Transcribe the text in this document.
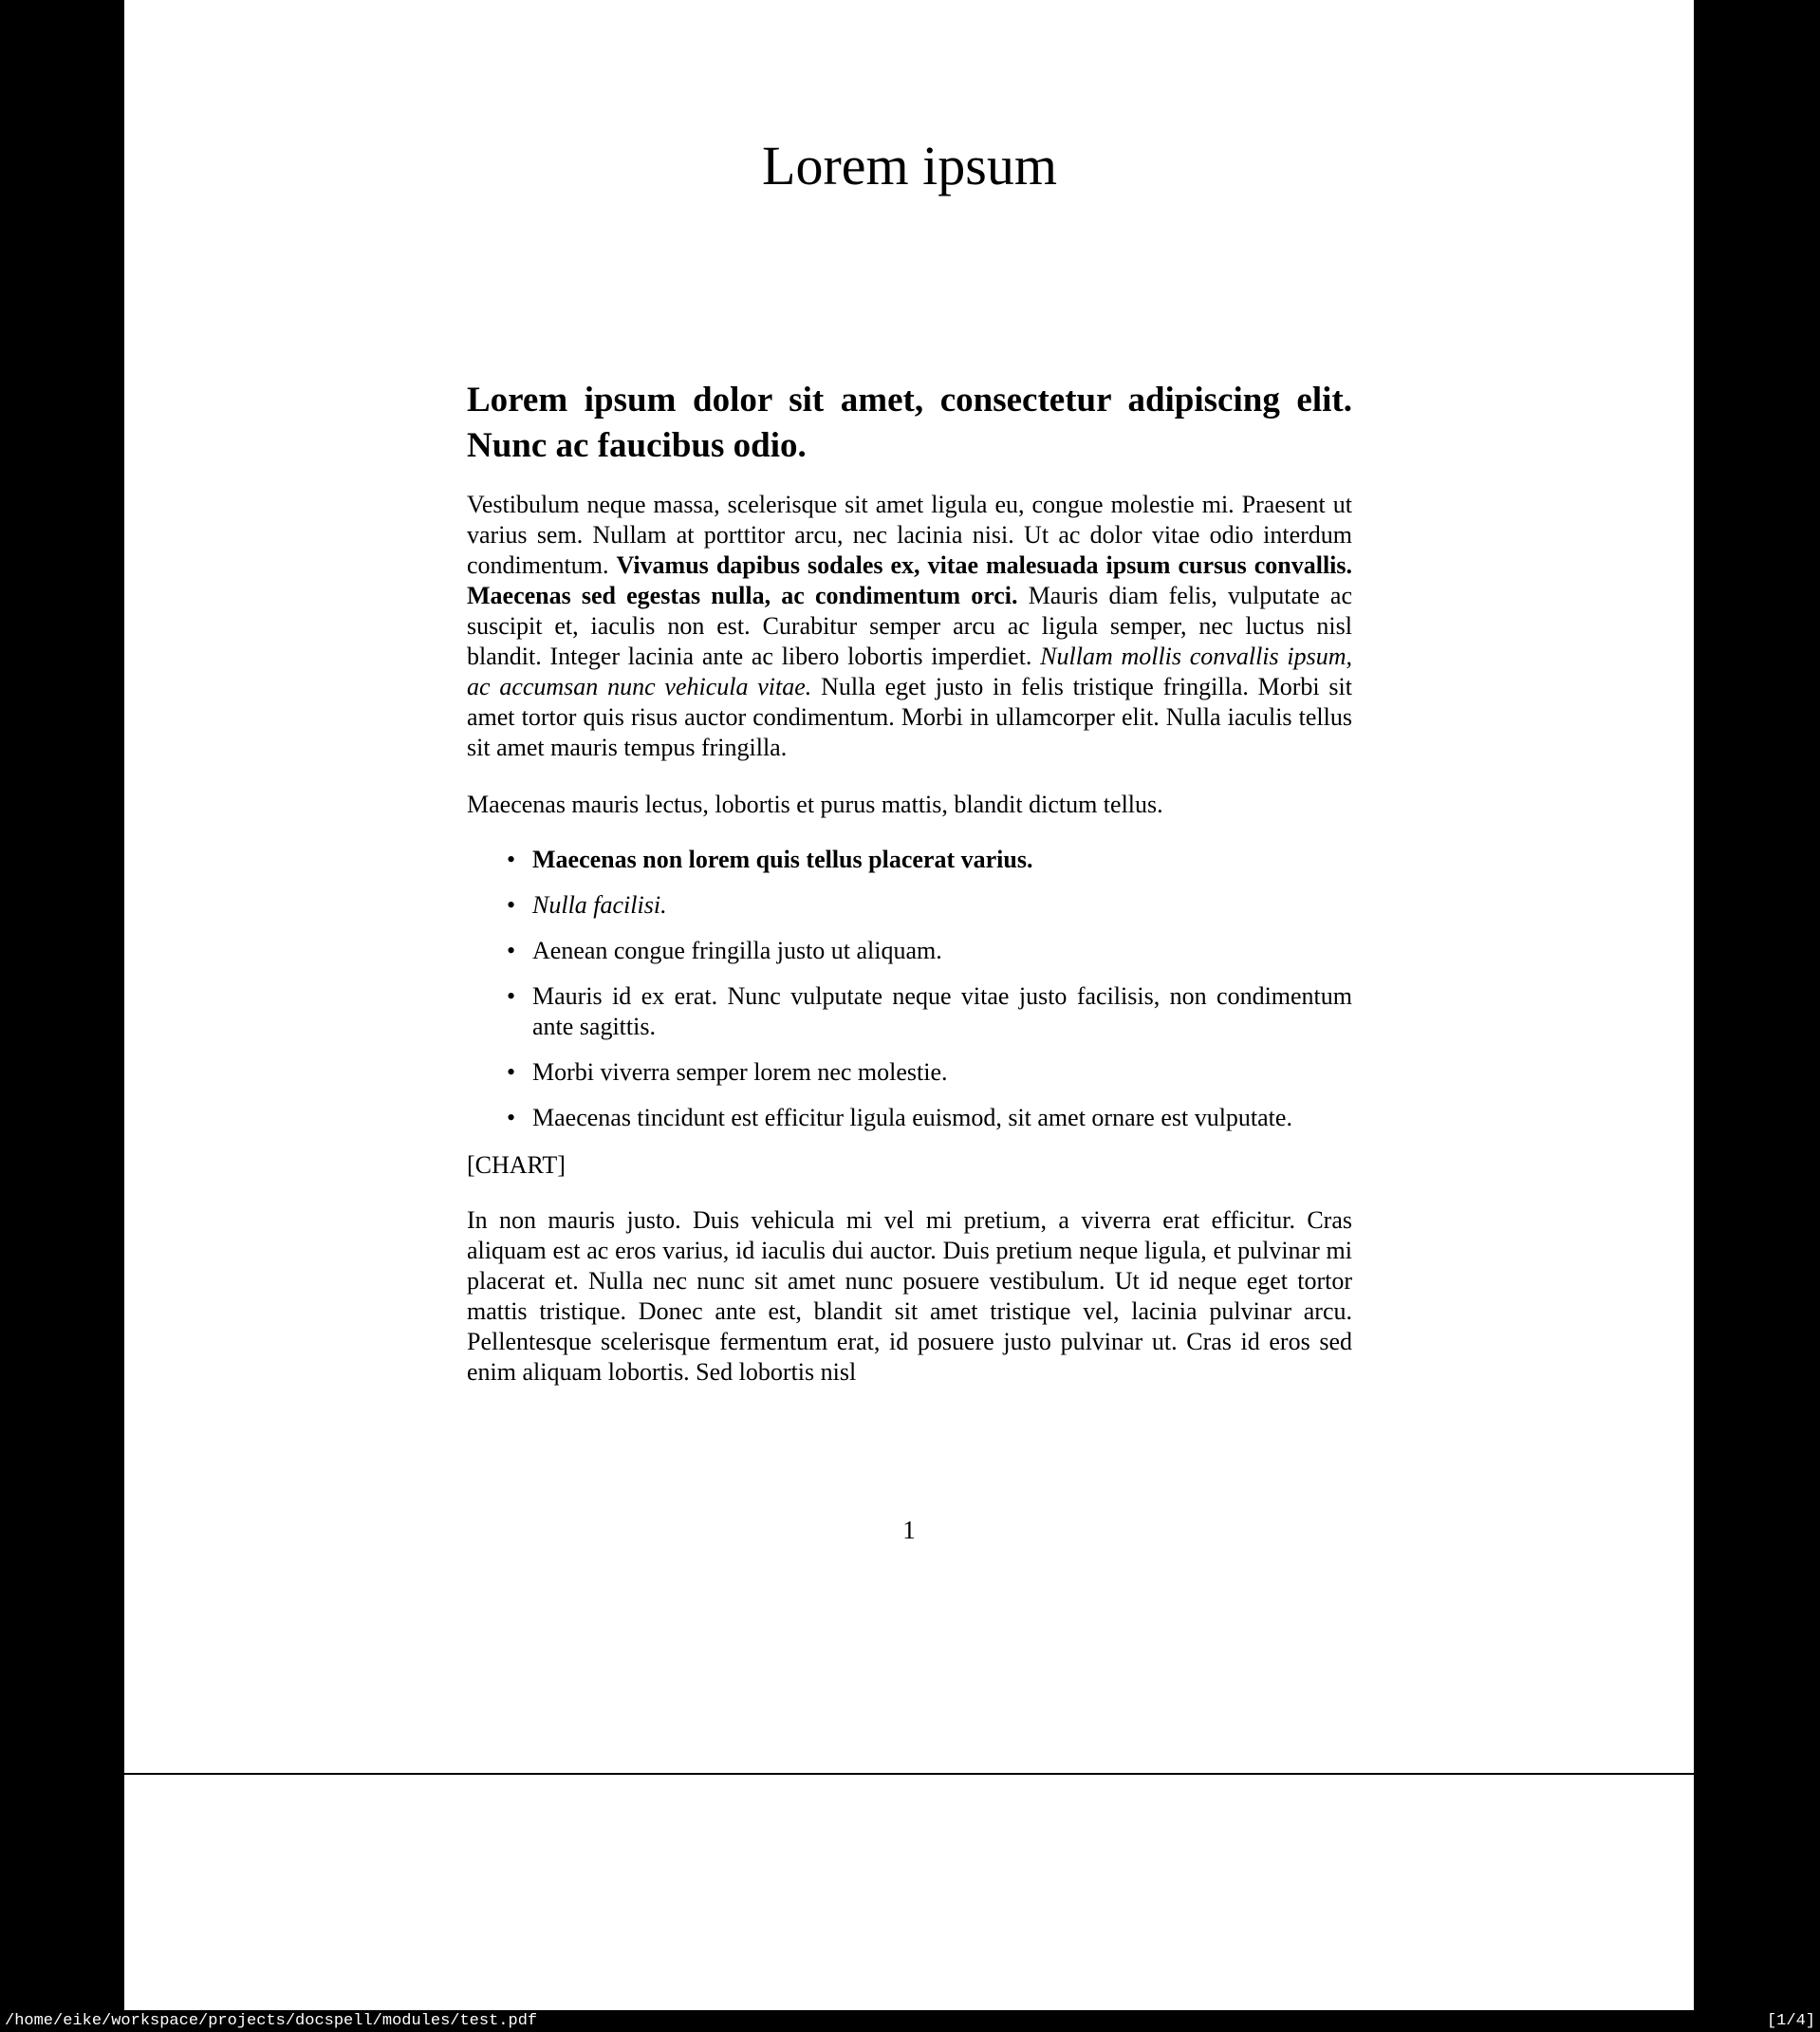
Lorem ipsum
Lorem ipsum dolor sit amet, consectetur adipiscing elit. Nunc ac faucibus odio.

Vestibulum neque massa, scelerisque sit amet ligula eu, congue molestie mi. Praesent ut varius sem. Nullam at porttitor arcu, nec lacinia nisi. Ut ac dolor vitae odio interdum condimentum. Vivamus dapibus sodales ex, vitae malesuada ipsum cursus convallis. Maecenas sed egestas nulla, ac condimentum orci. Mauris diam felis, vulputate ac suscipit et, iaculis non est. Curabitur semper arcu ac ligula semper, nec luctus nisl blandit. Integer lacinia ante ac libero lobortis imperdiet. Nullam mollis convallis ipsum, ac accumsan nunc vehicula vitae. Nulla eget justo in felis tristique fringilla. Morbi sit amet tortor quis risus auctor condimentum. Morbi in ullamcorper elit. Nulla iaculis tellus sit amet mauris tempus fringilla.

Maecenas mauris lectus, lobortis et purus mattis, blandit dictum tellus.

• Maecenas non lorem quis tellus placerat varius.
• Nulla facilisi.
• Aenean congue fringilla justo ut aliquam.
• Mauris id ex erat. Nunc vulputate neque vitae justo facilisis, non condimentum ante sagittis.
• Morbi viverra semper lorem nec molestie.
• Maecenas tincidunt est efficitur ligula euismod, sit amet ornare est vulputate.

[CHART]

In non mauris justo. Duis vehicula mi vel mi pretium, a viverra erat efficitur. Cras aliquam est ac eros varius, id iaculis dui auctor. Duis pretium neque ligula, et pulvinar mi placerat et. Nulla nec nunc sit amet nunc posuere vestibulum. Ut id neque eget tortor mattis tristique. Donec ante est, blandit sit amet tristique vel, lacinia pulvinar arcu. Pellentesque scelerisque fermentum erat, id posuere justo pulvinar ut. Cras id eros sed enim aliquam lobortis. Sed lobortis nisl

1
/home/eike/workspace/projects/docspell/modules/test.pdf	[1/4]
